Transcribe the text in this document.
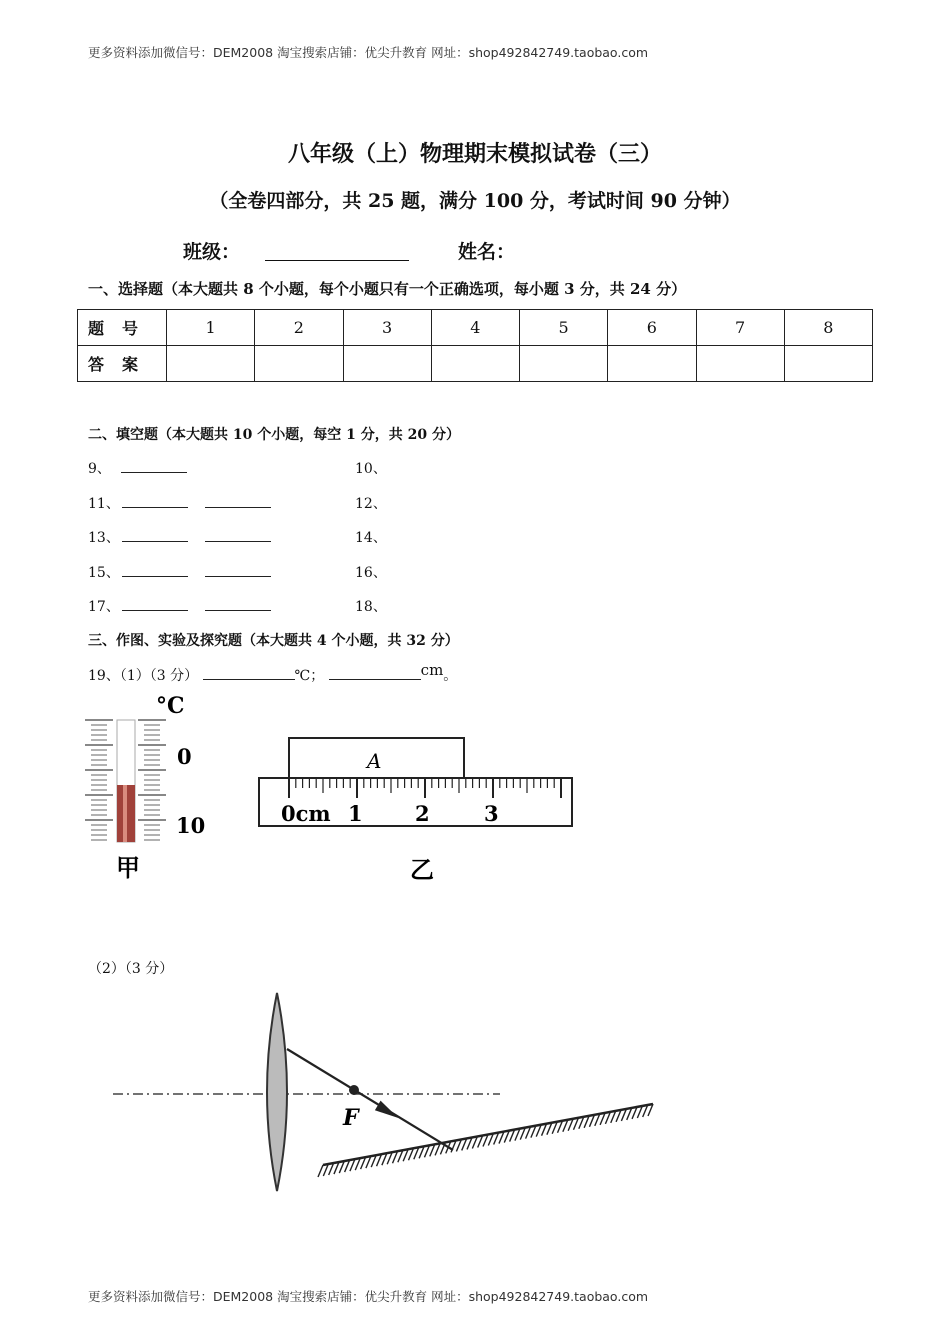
更多资料添加微信号：DEM2008 淘宝搜索店铺：优尖升教育 网址：shop492842749.taobao.com
八年级（上）物理期末模拟试卷（三）
（全卷四部分，共 25 题，满分 100 分，考试时间 90 分钟）
班级：	姓名：
一、选择题（本大题共 8 个小题，每个小题只有一个正确选项，每小题 3 分，共 24 分）
题号	1	2	3	4	5	6	7	8
答案								
二、填空题（本大题共 10 个小题，每空 1 分，共 20 分）
9、	10、
11、	12、
13、	14、
15、	16、
17、	18、
三、作图、实验及探究题（本大题共 4 个小题，共 32 分）
19、（1）（3 分）	℃；	cm。
°C
0
10
甲
A
0cm 1 2	3
乙
（2）（3 分）
F
更多资料添加微信号：DEM2008 淘宝搜索店铺：优尖升教育 网址：shop492842749.taobao.com
